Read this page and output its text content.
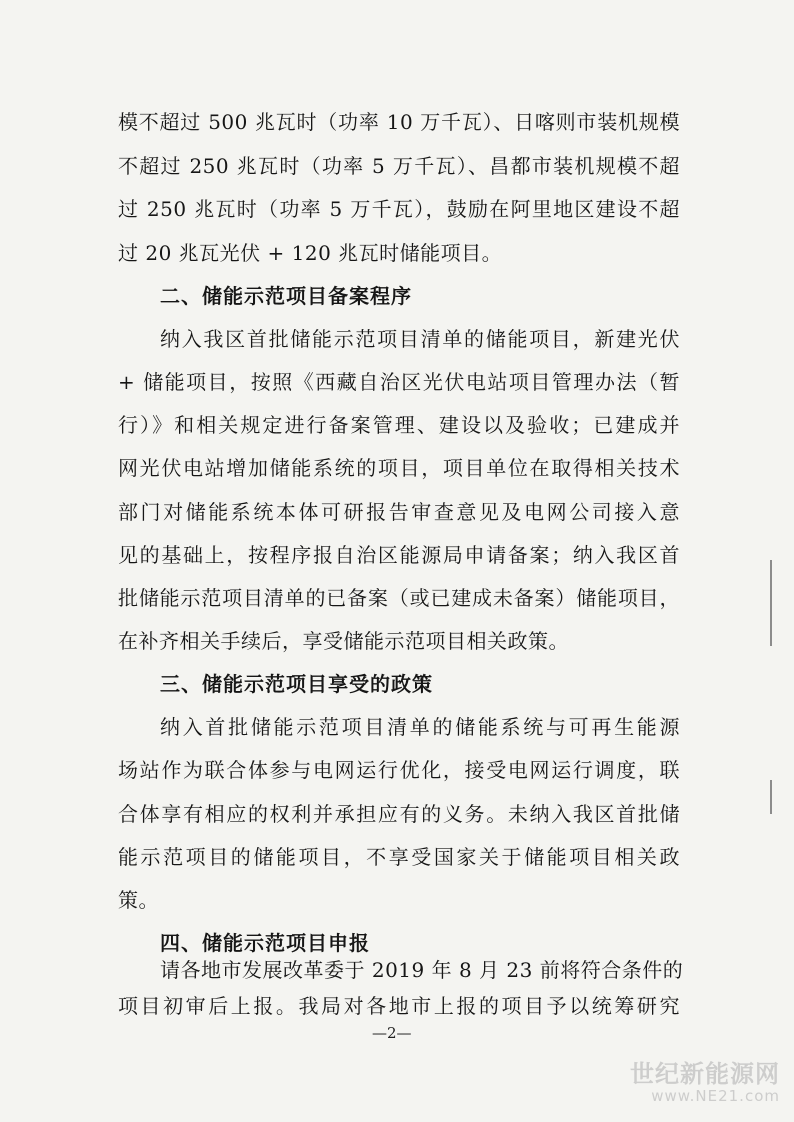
模不超过 500 兆瓦时（功率 10 万千瓦）、日喀则市装机规模
不超过 250 兆瓦时（功率 5 万千瓦）、昌都市装机规模不超
过 250 兆瓦时（功率 5 万千瓦），鼓励在阿里地区建设不超
过 20 兆瓦光伏 + 120 兆瓦时储能项目。
二、储能示范项目备案程序
纳入我区首批储能示范项目清单的储能项目，新建光伏
+ 储能项目，按照《西藏自治区光伏电站项目管理办法（暂
行）》和相关规定进行备案管理、建设以及验收；已建成并
网光伏电站增加储能系统的项目，项目单位在取得相关技术
部门对储能系统本体可研报告审查意见及电网公司接入意
见的基础上，按程序报自治区能源局申请备案；纳入我区首
批储能示范项目清单的已备案（或已建成未备案）储能项目，
在补齐相关手续后，享受储能示范项目相关政策。
三、储能示范项目享受的政策
纳入首批储能示范项目清单的储能系统与可再生能源
场站作为联合体参与电网运行优化，接受电网运行调度，联
合体享有相应的权利并承担应有的义务。未纳入我区首批储
能示范项目的储能项目，不享受国家关于储能项目相关政
策。
四、储能示范项目申报
请各地市发展改革委于 2019 年 8 月 23 前将符合条件的
—2—
世纪新能源网
www.NE21.com
项目初审后上报。我局对各地市上报的项目予以统筹研究
